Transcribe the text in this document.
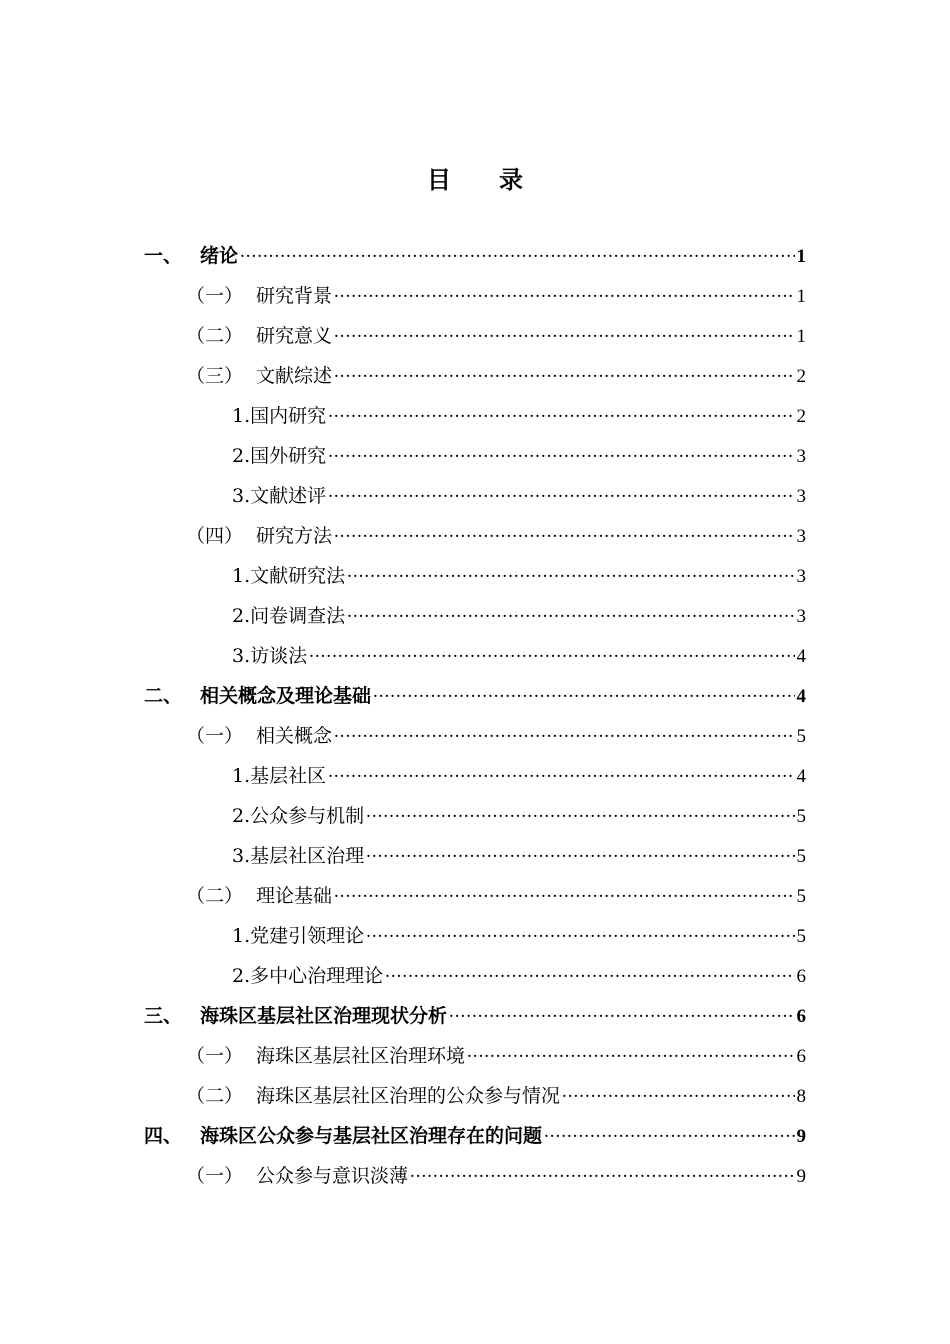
目 录
一、 绪论 .....	1
（一） 研究背景 .....	1
（二） 研究意义 .....	1
（三） 文献综述 .....	2
1. 国内研究 .....	2
2. 国外研究 .....	3
3. 文献述评 .....	3
（四） 研究方法 .....	3
1. 文献研究法 .....	3
2. 问卷调查法 .....	3
3. 访谈法 .....	4
二、 相关概念及理论基础 .....	4
（一） 相关概念 .....	5
1. 基层社区 .....	4
2. 公众参与机制 .....	5
3. 基层社区治理 .....	5
（二） 理论基础 .....	5
1. 党建引领理论 .....	5
2. 多中心治理理论 .....	6
三、 海珠区基层社区治理现状分析 .....	6
（一） 海珠区基层社区治理环境 .....	6
（二） 海珠区基层社区治理的公众参与情况 .....	8
四、 海珠区公众参与基层社区治理存在的问题 .....	9
（一） 公众参与意识淡薄 .....	9
